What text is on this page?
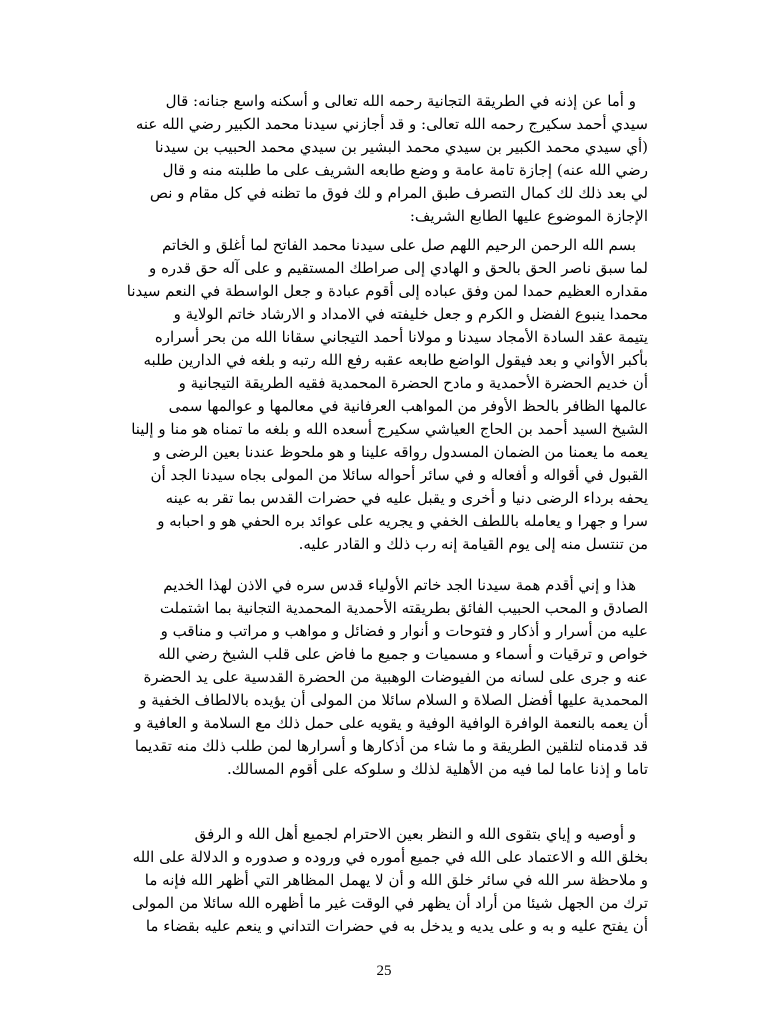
و أما عن إذنه في الطريقة التجانية رحمه الله تعالى و أسكنه واسع جنانه: قال
سيدي أحمد سكيرج رحمه الله تعالى: و قد أجازني سيدنا محمد الكبير رضي الله عنه
(أي سيدي محمد الكبير بن سيدي محمد البشير بن سيدي محمد الحبيب بن سيدنا
رضي الله عنه) إجازة تامة عامة و وضع طابعه الشريف على ما طلبته منه و قال
لي بعد ذلك لك كمال التصرف طبق المرام و لك فوق ما تظنه في كل مقام و نص
الإجازة الموضوع عليها الطابع الشريف:
بسم الله الرحمن الرحيم اللهم صل على سيدنا محمد الفاتح لما أغلق و الخاتم
لما سبق ناصر الحق بالحق و الهادي إلى صراطك المستقيم و على آله حق قدره و
مقداره العظيم حمدا لمن وفق عباده إلى أقوم عبادة و جعل الواسطة في النعم سيدنا
محمدا ينبوع الفضل و الكرم و جعل خليفته في الامداد و الارشاد خاتم الولاية و
يتيمة عقد السادة الأمجاد سيدنا و مولانا أحمد التيجاني سقانا الله من بحر أسراره
بأكبر الأواني و بعد فيقول الواضع طابعه عقبه رفع الله رتبه و بلغه في الدارين طلبه
أن خديم الحضرة الأحمدية و مادح الحضرة المحمدية فقيه الطريقة التيجانية و
عالمها الظافر بالحظ الأوفر من المواهب العرفانية في معالمها و عوالمها سمى
الشيخ السيد أحمد بن الحاج العياشي سكيرج أسعده الله و بلغه ما تمناه هو منا و إلينا
يعمه ما يعمنا من الضمان المسدول رواقه علينا و هو ملحوظ عندنا بعين الرضى و
القبول في أقواله و أفعاله و في سائر أحواله سائلا من المولى بجاه سيدنا الجد أن
يحفه برداء الرضى دنيا و أخرى و يقبل عليه في حضرات القدس بما تقر به عينه
سرا و جهرا و يعامله باللطف الخفي و يجريه على عوائد بره الحفي هو و احبابه و
من تنتسل منه إلى يوم القيامة إنه رب ذلك و القادر عليه.
هذا و إني أقدم همة سيدنا الجد خاتم الأولياء قدس سره في الاذن لهذا الخديم
الصادق و المحب الحبيب الفائق بطريقته الأحمدية المحمدية التجانية بما اشتملت
عليه من أسرار و أذكار و فتوحات و أنوار و فضائل و مواهب و مراتب و مناقب و
خواص و ترقيات و أسماء و مسميات و جميع ما فاض على قلب الشيخ رضي الله
عنه و جرى على لسانه من الفيوضات الوهبية من الحضرة القدسية على يد الحضرة
المحمدية عليها أفضل الصلاة و السلام سائلا من المولى أن يؤيده بالالطاف الخفية و
أن يعمه بالنعمة الوافرة الوافية الوفية و يقويه على حمل ذلك مع السلامة و العافية و
قد قدمناه لتلقين الطريقة و ما شاء من أذكارها و أسرارها لمن طلب ذلك منه تقديما
تاما و إذنا عاما لما فيه من الأهلية لذلك و سلوكه على أقوم المسالك.
و أوصيه و إياي بتقوى الله و النظر بعين الاحترام لجميع أهل الله و الرفق
بخلق الله و الاعتماد على الله في جميع أموره في وروده و صدوره و الدلالة على الله
و ملاحظة سر الله في سائر خلق الله و أن لا يهمل المظاهر التي أظهر الله فإنه ما
ترك من الجهل شيئا من أراد أن يظهر في الوقت غير ما أظهره الله سائلا من المولى
أن يفتح عليه و به و على يديه و يدخل به في حضرات التداني و ينعم عليه بقضاء ما
25
